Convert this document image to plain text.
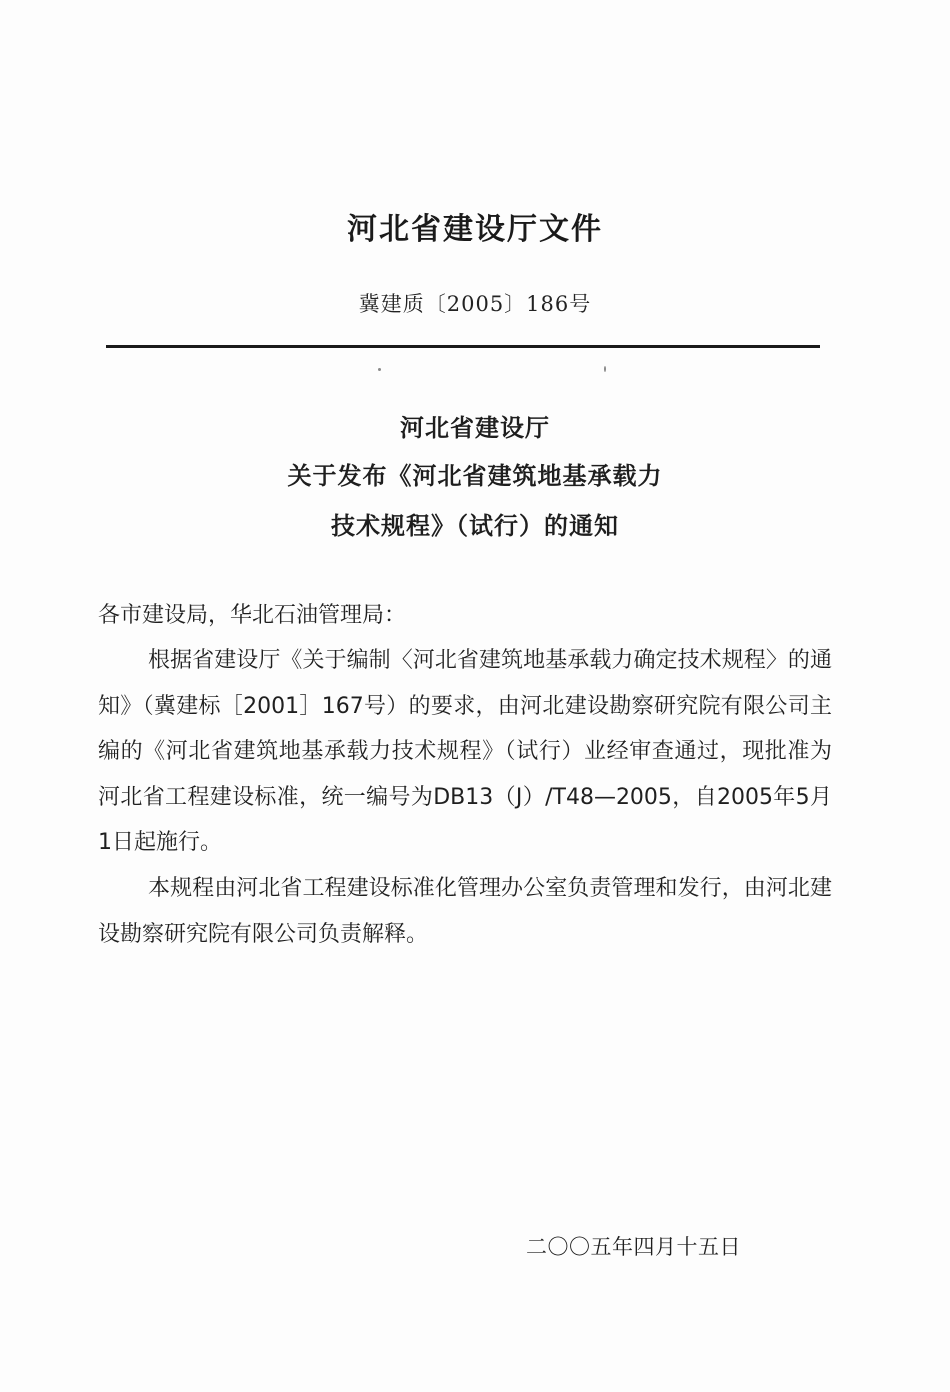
河北省建设厅文件
冀建质〔2005〕186号
河北省建设厅
关于发布《河北省建筑地基承载力
技术规程》（试行）的通知
各市建设局，华北石油管理局：
根据省建设厅《关于编制〈河北省建筑地基承载力确定技术规程〉的通知》（冀建标［2001］167号）的要求，由河北建设勘察研究院有限公司主编的《河北省建筑地基承载力技术规程》（试行）业经审查通过，现批准为河北省工程建设标准，统一编号为DB13（J）/T48—2005，自2005年5月1日起施行。
本规程由河北省工程建设标准化管理办公室负责管理和发行，由河北建设勘察研究院有限公司负责解释。
二〇〇五年四月十五日
